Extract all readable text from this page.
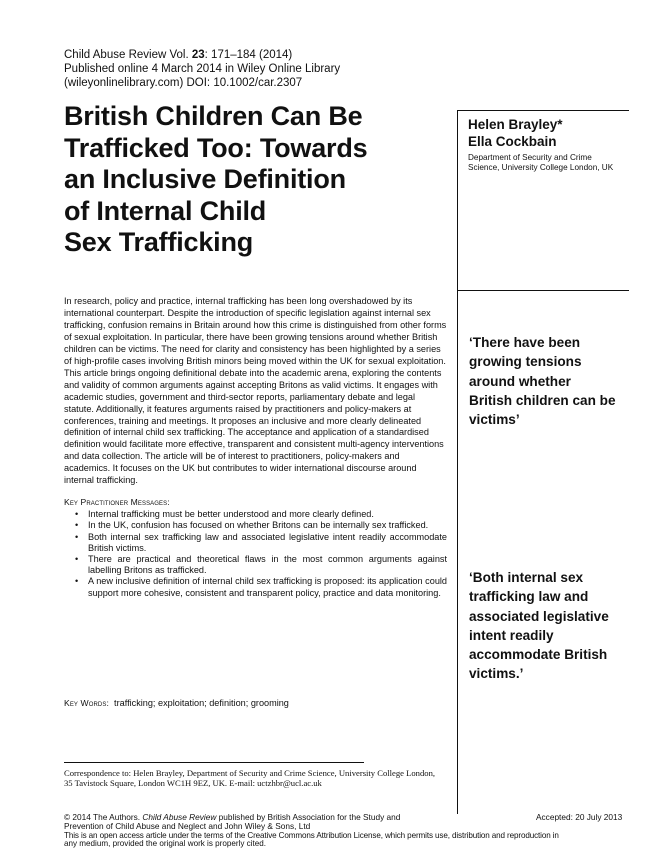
Child Abuse Review Vol. 23: 171–184 (2014)
Published online 4 March 2014 in Wiley Online Library
(wileyonlinelibrary.com) DOI: 10.1002/car.2307
British Children Can Be
Trafficked Too: Towards
an Inclusive Definition
of Internal Child
Sex Trafficking
Helen Brayley*
Ella Cockbain
Department of Security and Crime
Science, University College London, UK

In research, policy and practice, internal trafficking has been long overshadowed by its international counterpart. Despite the introduction of specific legislation against internal sex trafficking, confusion remains in Britain around how this crime is distinguished from other forms of sexual exploitation. In particular, there have been growing tensions around whether British children can be victims. The need for clarity and consistency has been highlighted by a series of high-profile cases involving British minors being moved within the UK for sexual exploitation. This article brings ongoing definitional debate into the academic arena, exploring the contents and validity of common arguments against accepting Britons as valid victims. It engages with academic studies, government and third-sector reports, parliamentary debate and legal statute. Additionally, it features arguments raised by practitioners and policy-makers at conferences, training and meetings. It proposes an inclusive and more clearly delineated definition of internal child sex trafficking. The acceptance and application of a standardised definition would facilitate more effective, transparent and consistent multi-agency interventions and data collection. The article will be of interest to practitioners, policy-makers and academics. It focuses on the UK but contributes to wider international discourse around internal trafficking.

Key Practitioner Messages:
• Internal trafficking must be better understood and more clearly defined.
• In the UK, confusion has focused on whether Britons can be internally sex trafficked.
• Both internal sex trafficking law and associated legislative intent readily accommodate British victims.
• There are practical and theoretical flaws in the most common arguments against labelling Britons as trafficked.
• A new inclusive definition of internal child sex trafficking is proposed: its application could support more cohesive, consistent and transparent policy, practice and data monitoring.
Key Words: trafficking; exploitation; definition; grooming
‘There have been
growing tensions
around whether
British children can be
victims’
‘Both internal sex
trafficking law and
associated legislative
intent readily
accommodate British
victims.’
Correspondence to: Helen Brayley, Department of Security and Crime Science, University College London,
35 Tavistock Square, London WC1H 9EZ, UK. E-mail: uctzhbr@ucl.ac.uk
© 2014 The Authors. Child Abuse Review published by British Association for the Study and
Prevention of Child Abuse and Neglect and John Wiley & Sons, Ltd
Accepted: 20 July 2013
This is an open access article under the terms of the Creative Commons Attribution License, which permits use, distribution and reproduction in
any medium, provided the original work is properly cited.
